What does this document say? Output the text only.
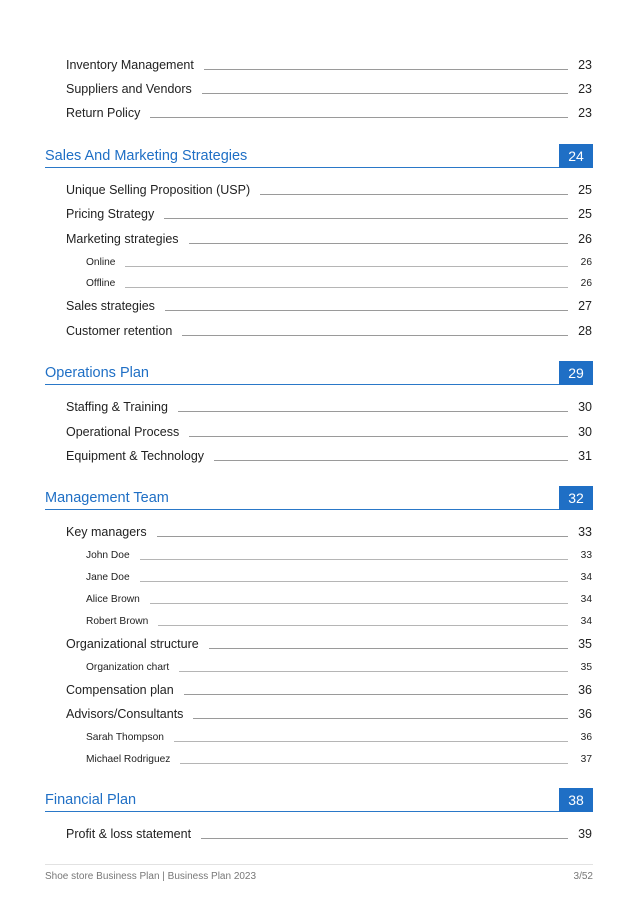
Inventory Management	23
Suppliers and Vendors	23
Return Policy	23
Sales And Marketing Strategies	24
Unique Selling Proposition (USP)	25
Pricing Strategy	25
Marketing strategies	26
Online	26
Offline	26
Sales strategies	27
Customer retention	28
Operations Plan	29
Staffing & Training	30
Operational Process	30
Equipment & Technology	31
Management Team	32
Key managers	33
John Doe	33
Jane Doe	34
Alice Brown	34
Robert Brown	34
Organizational structure	35
Organization chart	35
Compensation plan	36
Advisors/Consultants	36
Sarah Thompson	36
Michael Rodriguez	37
Financial Plan	38
Profit & loss statement	39
Shoe store Business Plan | Business Plan 2023	3/52
